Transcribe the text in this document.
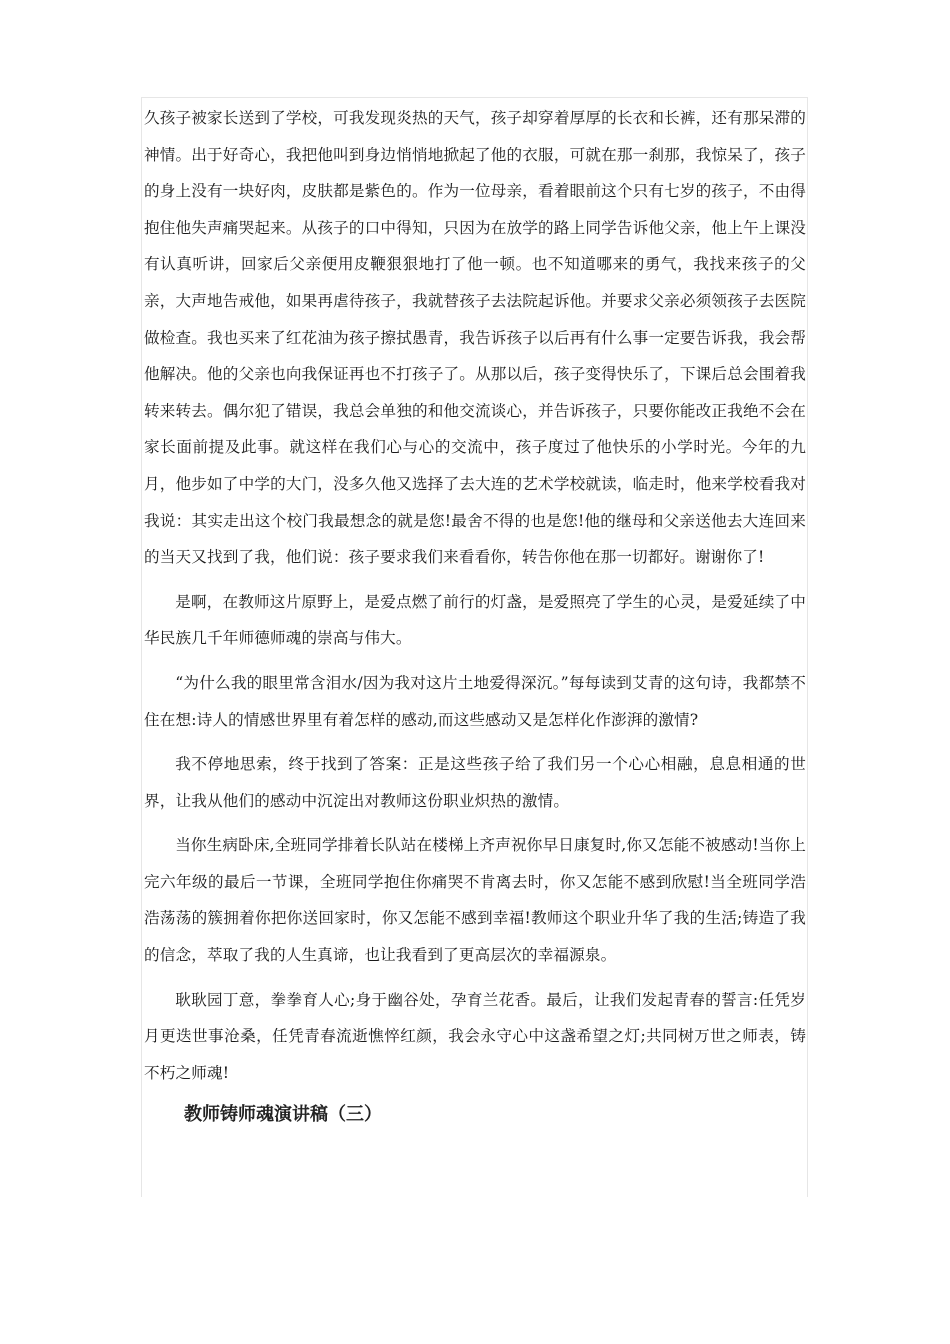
久孩子被家长送到了学校，可我发现炎热的天气，孩子却穿着厚厚的长衣和长裤，还有那呆滞的神情。出于好奇心，我把他叫到身边悄悄地掀起了他的衣服，可就在那一刹那，我惊呆了，孩子的身上没有一块好肉，皮肤都是紫色的。作为一位母亲，看着眼前这个只有七岁的孩子，不由得抱住他失声痛哭起来。从孩子的口中得知，只因为在放学的路上同学告诉他父亲，他上午上课没有认真听讲，回家后父亲便用皮鞭狠狠地打了他一顿。也不知道哪来的勇气，我找来孩子的父亲，大声地告戒他，如果再虐待孩子，我就替孩子去法院起诉他。并要求父亲必须领孩子去医院做检查。我也买来了红花油为孩子擦拭愚青，我告诉孩子以后再有什么事一定要告诉我，我会帮他解决。他的父亲也向我保证再也不打孩子了。从那以后，孩子变得快乐了，下课后总会围着我转来转去。偶尔犯了错误，我总会单独的和他交流谈心，并告诉孩子，只要你能改正我绝不会在家长面前提及此事。就这样在我们心与心的交流中，孩子度过了他快乐的小学时光。今年的九月，他步如了中学的大门，没多久他又选择了去大连的艺术学校就读，临走时，他来学校看我对我说：其实走出这个校门我最想念的就是您!最舍不得的也是您!他的继母和父亲送他去大连回来的当天又找到了我，他们说：孩子要求我们来看看你，转告你他在那一切都好。谢谢你了!

是啊，在教师这片原野上，是爱点燃了前行的灯盏，是爱照亮了学生的心灵，是爱延续了中华民族几千年师德师魂的崇高与伟大。

“为什么我的眼里常含泪水/因为我对这片土地爱得深沉。”每每读到艾青的这句诗，我都禁不住在想:诗人的情感世界里有着怎样的感动,而这些感动又是怎样化作澎湃的激情?

我不停地思索，终于找到了答案：正是这些孩子给了我们另一个心心相融，息息相通的世界，让我从他们的感动中沉淀出对教师这份职业炽热的激情。

当你生病卧床,全班同学排着长队站在楼梯上齐声祝你早日康复时,你又怎能不被感动!当你上完六年级的最后一节课，全班同学抱住你痛哭不肯离去时，你又怎能不感到欣慰!当全班同学浩浩荡荡的簇拥着你把你送回家时，你又怎能不感到幸福!教师这个职业升华了我的生活;铸造了我的信念，萃取了我的人生真谛，也让我看到了更高层次的幸福源泉。

耿耿园丁意，拳拳育人心;身于幽谷处，孕育兰花香。最后，让我们发起青春的誓言:任凭岁月更迭世事沧桑，任凭青春流逝憔悴红颜，我会永守心中这盏希望之灯;共同树万世之师表，铸不朽之师魂!

教师铸师魂演讲稿（三）
